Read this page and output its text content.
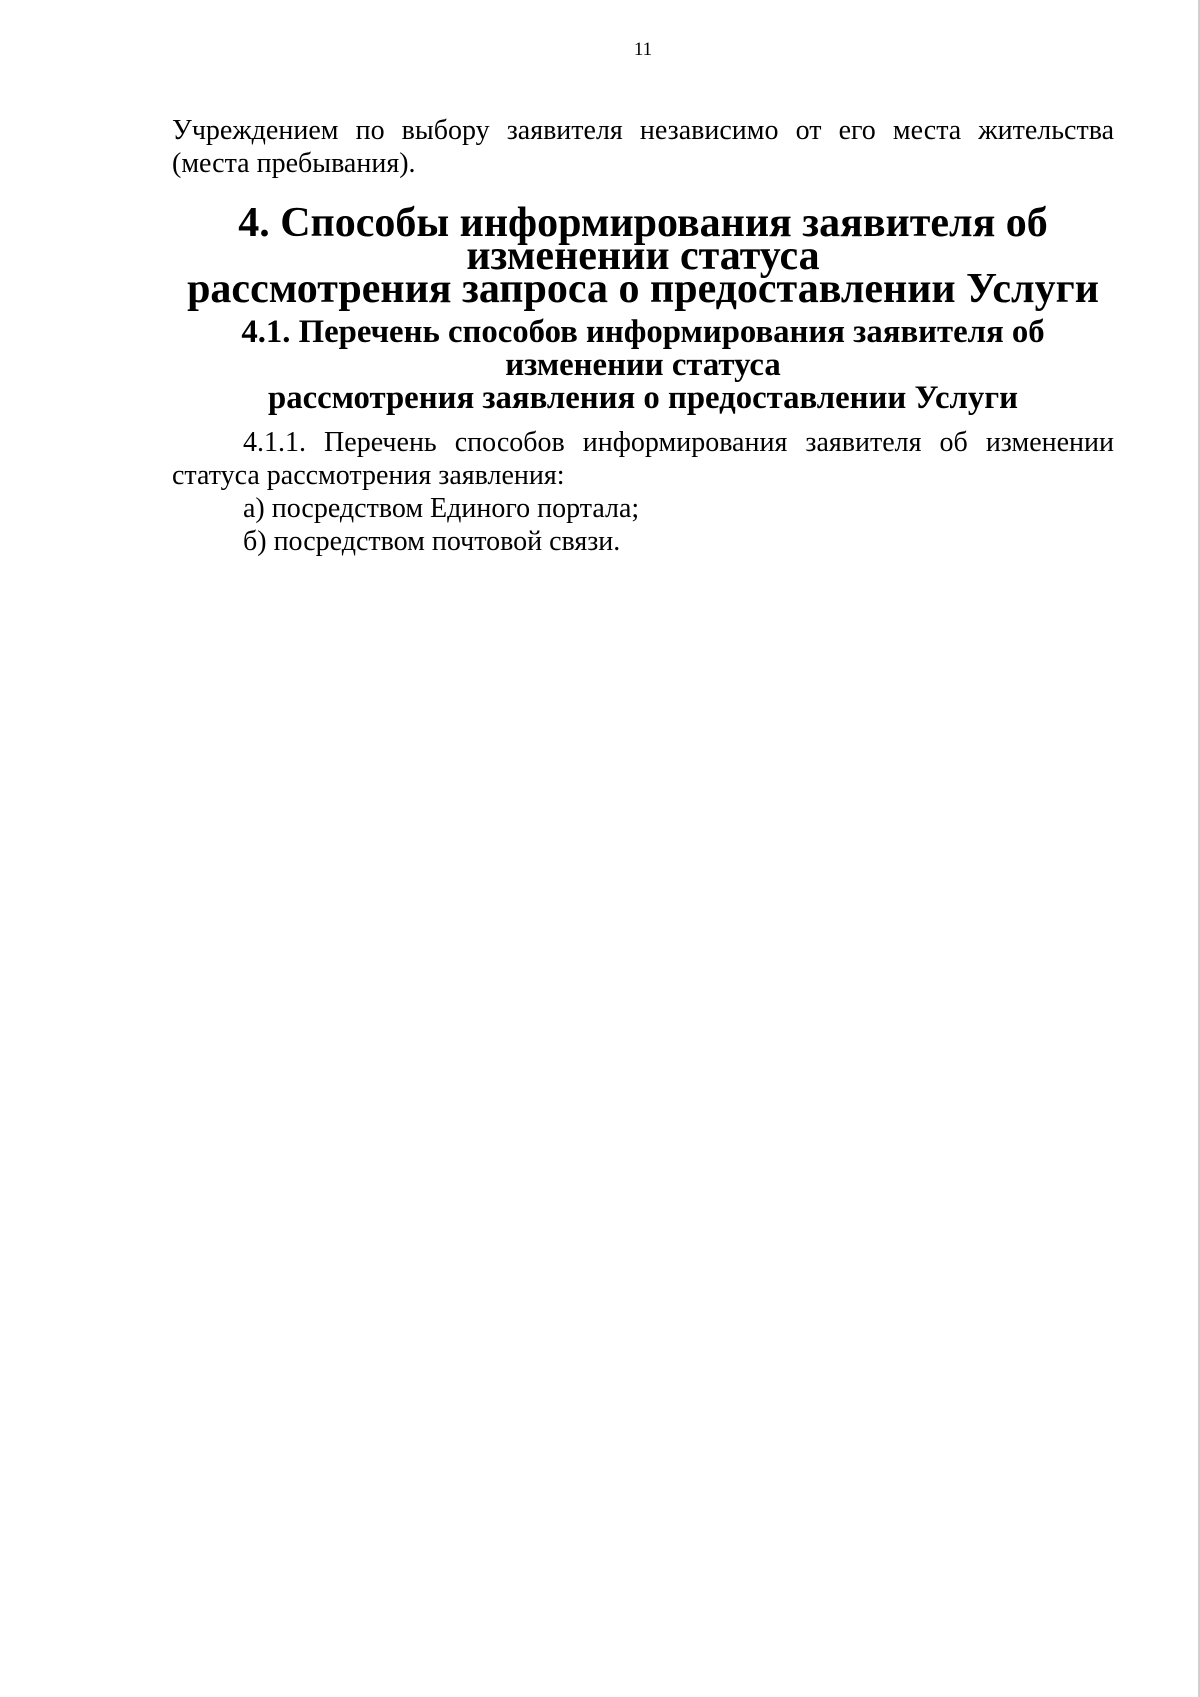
11

Учреждением по выбору заявителя независимо от его места жительства
(места пребывания).

4. Способы информирования заявителя об изменении статуса
рассмотрения запроса о предоставлении Услуги
4.1. Перечень способов информирования заявителя об изменении статуса
рассмотрения заявления о предоставлении Услуги

4.1.1. Перечень способов информирования заявителя об изменении
статуса рассмотрения заявления:
а) посредством Единого портала;
б) посредством почтовой связи.
